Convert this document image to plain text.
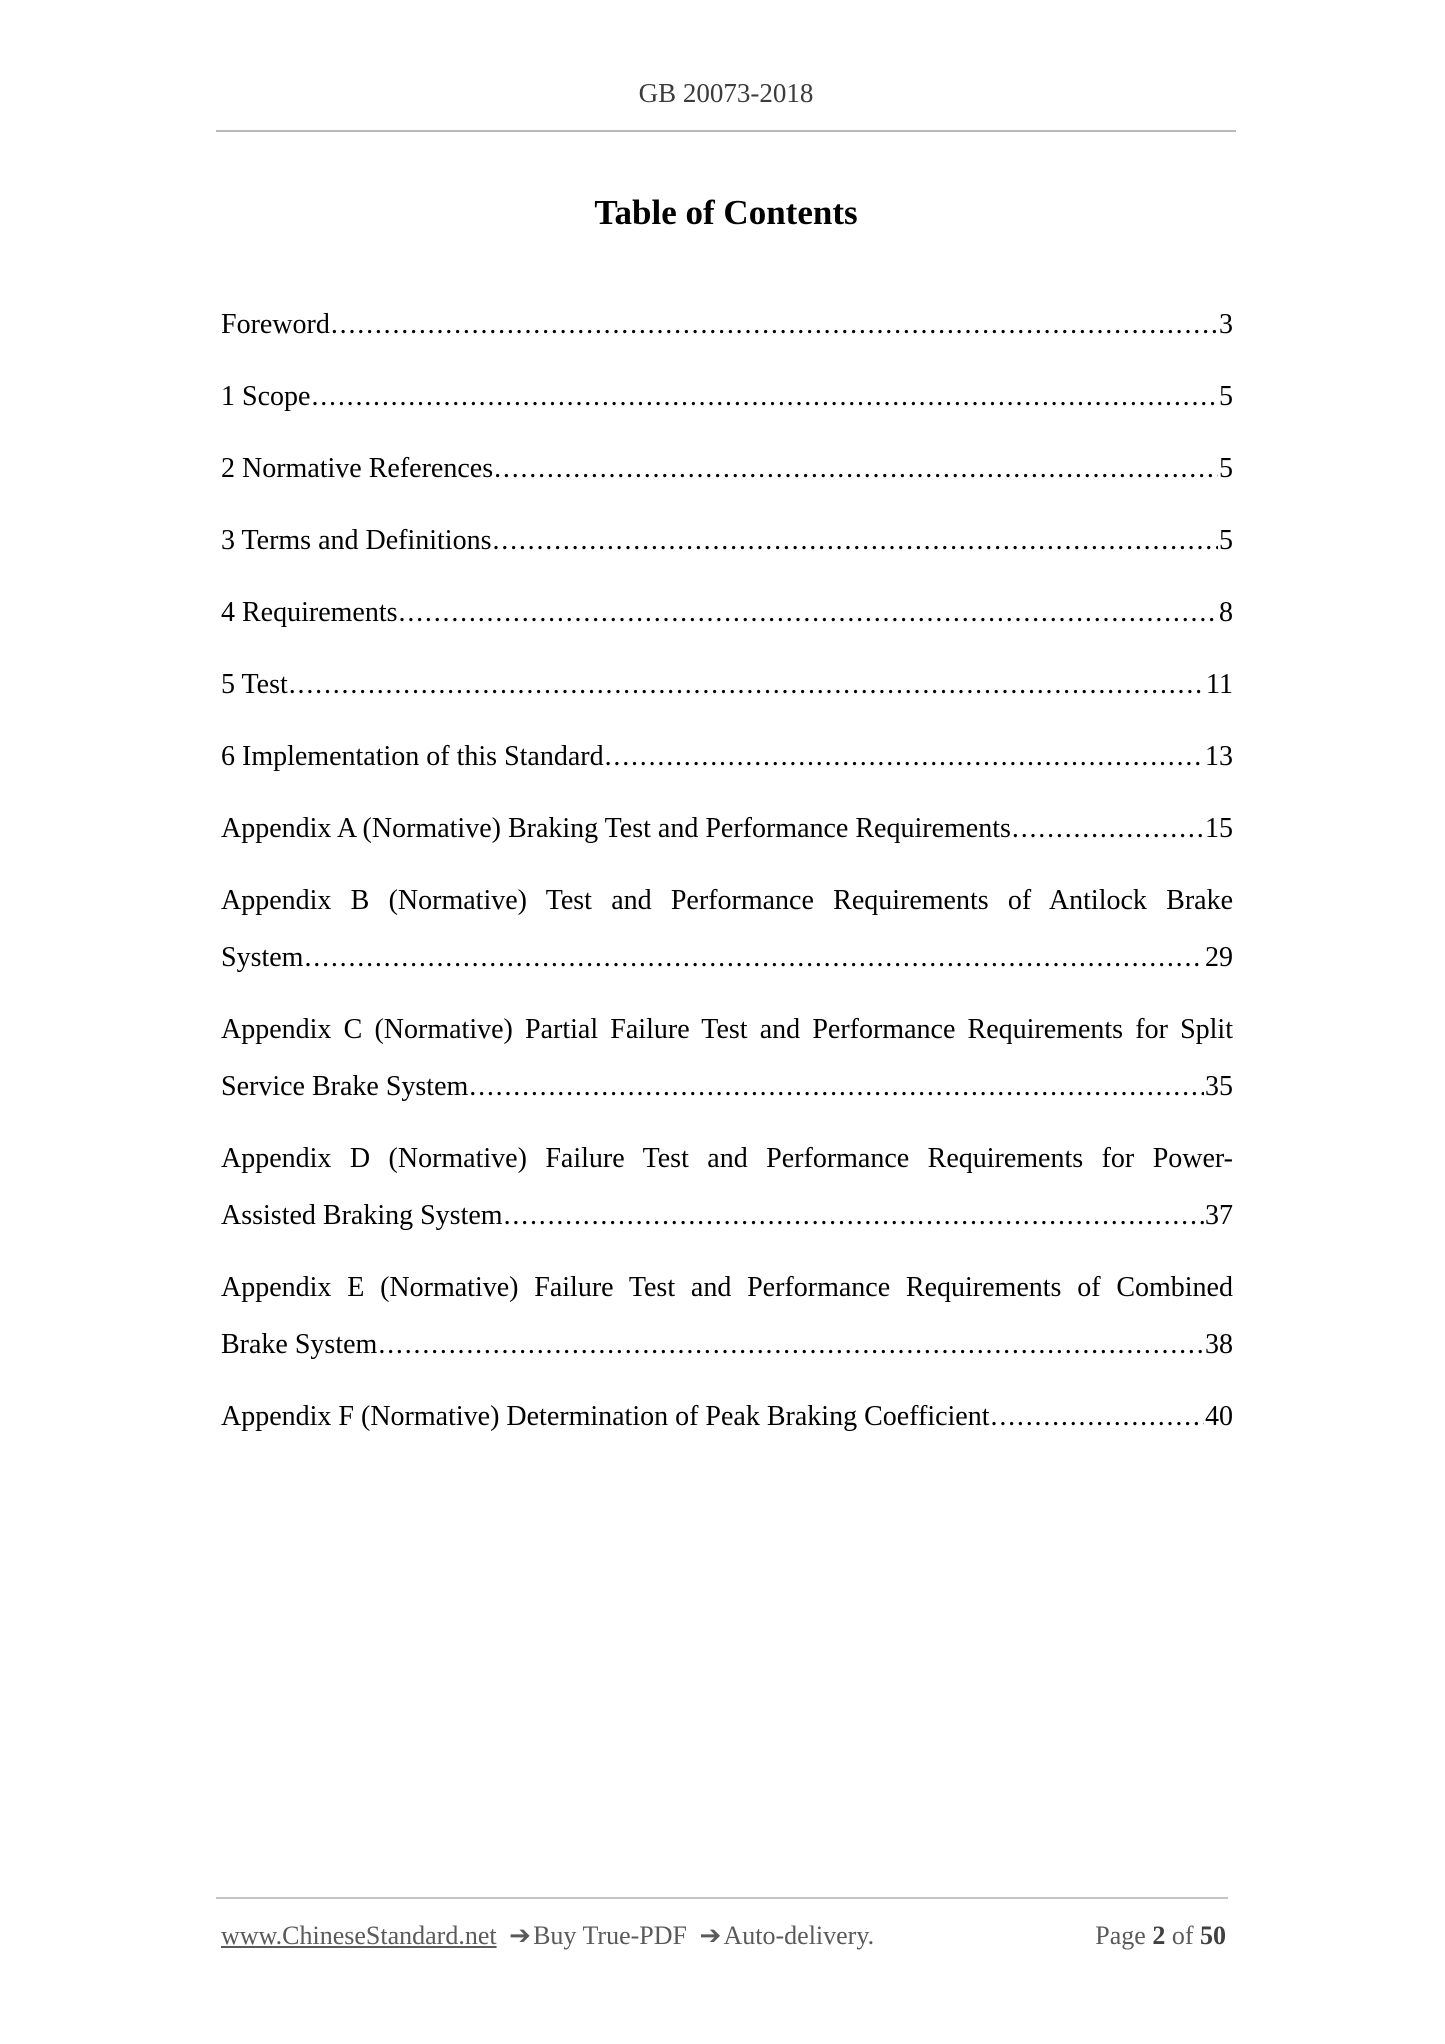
GB 20073-2018
Table of Contents
Foreword . . .	3
1 Scope . . .	5
2 Normative References . . .	5
3 Terms and Definitions . . .	5
4 Requirements . . .	8
5 Test . . .	11
6 Implementation of this Standard . . .	13
Appendix A (Normative) Braking Test and Performance Requirements . . .	15
Appendix B (Normative) Test and Performance Requirements of Antilock Brake
System . . .	29
Appendix C (Normative) Partial Failure Test and Performance Requirements for Split
Service Brake System . . .	35
Appendix D (Normative) Failure Test and Performance Requirements for Power-
Assisted Braking System . . .	37
Appendix E (Normative) Failure Test and Performance Requirements of Combined
Brake System . . .	38
Appendix F (Normative) Determination of Peak Braking Coefficient . . .	40
www.ChineseStandard.net ➔Buy True-PDF ➔Auto-delivery.	Page 2 of 50
